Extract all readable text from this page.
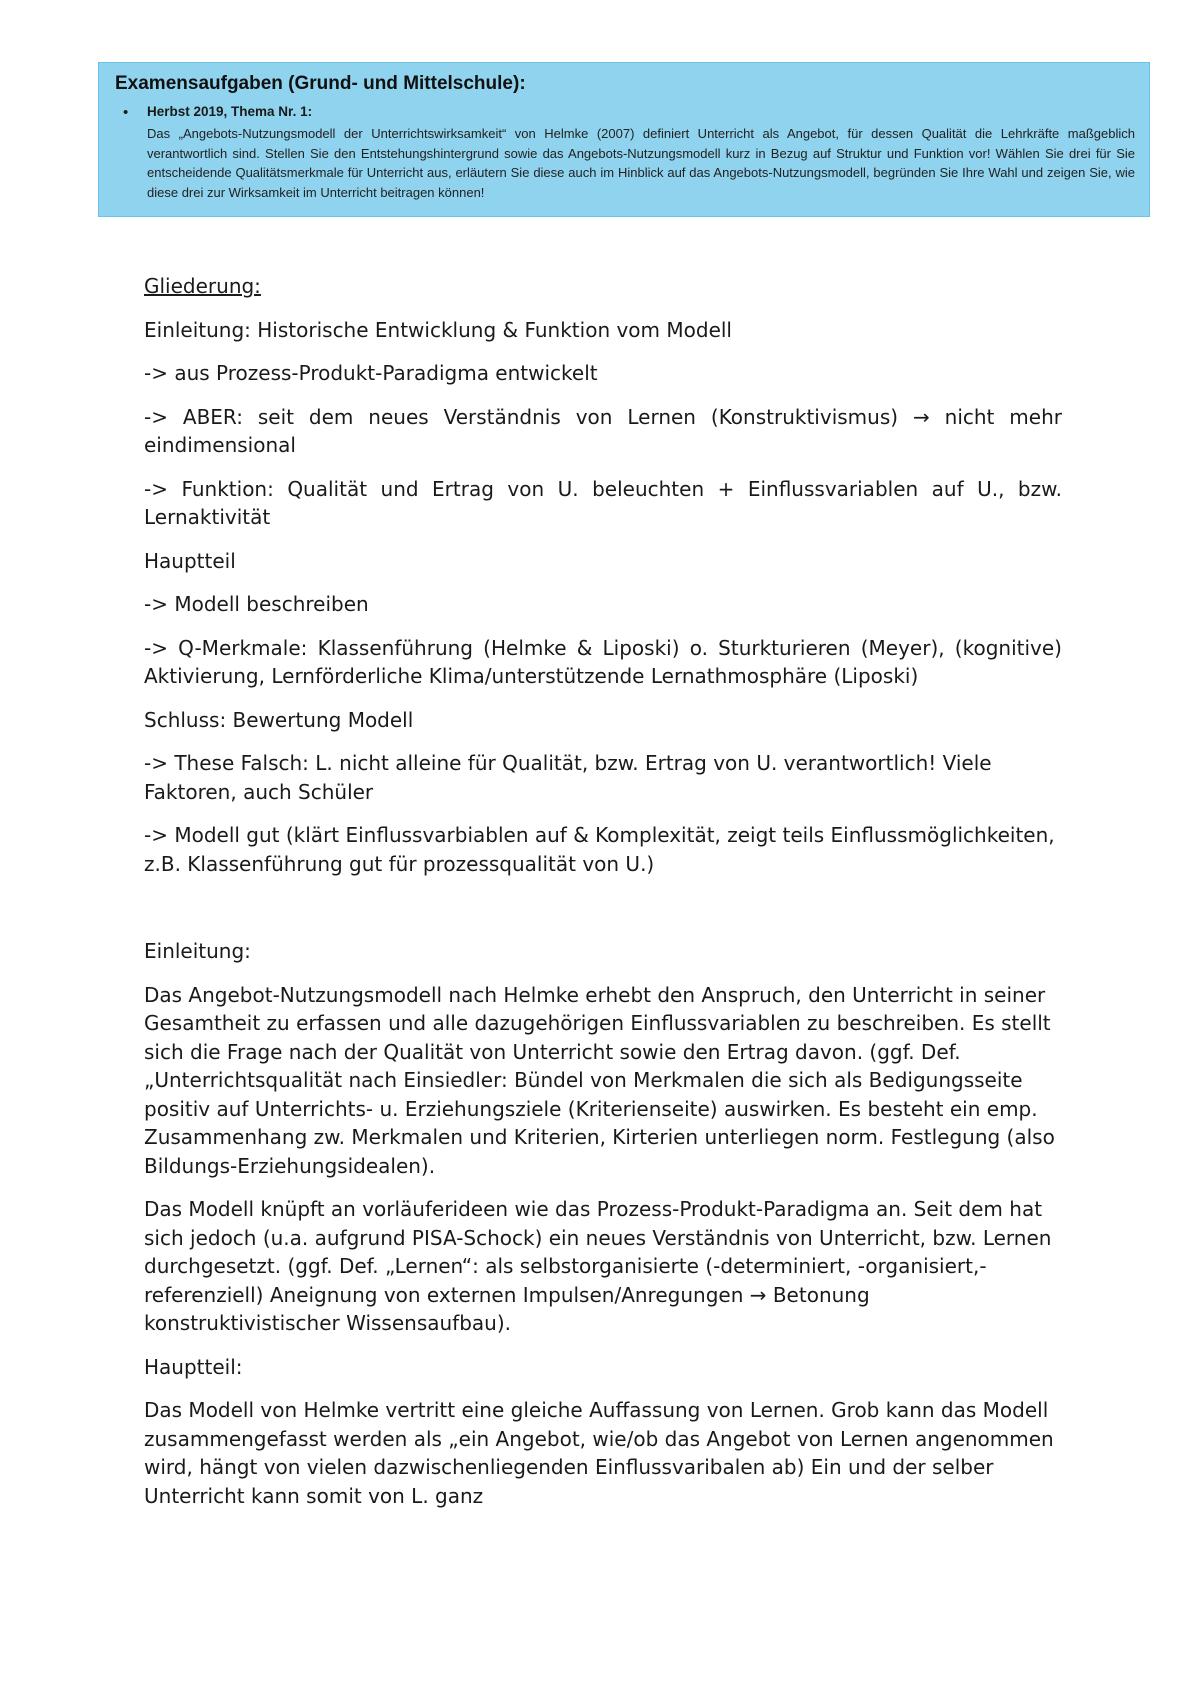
Examensaufgaben (Grund- und Mittelschule):
•	Herbst 2019, Thema Nr. 1:
Das „Angebots-Nutzungsmodell der Unterrichtswirksamkeit“ von Helmke (2007) definiert Unterricht als Angebot, für dessen Qualität die Lehrkräfte maßgeblich verantwortlich sind. Stellen Sie den Entstehungshintergrund sowie das Angebots-Nutzungsmodell kurz in Bezug auf Struktur und Funktion vor! Wählen Sie drei für Sie entscheidende Qualitätsmerkmale für Unterricht aus, erläutern Sie diese auch im Hinblick auf das Angebots-Nutzungsmodell, begründen Sie Ihre Wahl und zeigen Sie, wie diese drei zur Wirksamkeit im Unterricht beitragen können!

Gliederung:

Einleitung: Historische Entwicklung & Funktion vom Modell

-> aus Prozess-Produkt-Paradigma entwickelt

-> ABER: seit dem neues Verständnis von Lernen (Konstruktivismus) → nicht mehr eindimensional

-> Funktion: Qualität und Ertrag von U. beleuchten + Einflussvariablen auf U., bzw. Lernaktivität

Hauptteil

-> Modell beschreiben

-> Q-Merkmale: Klassenführung (Helmke & Liposki) o. Sturkturieren (Meyer), (kognitive) Aktivierung, Lernförderliche Klima/unterstützende Lernathmosphäre (Liposki)

Schluss: Bewertung Modell

-> These Falsch: L. nicht alleine für Qualität, bzw. Ertrag von U. verantwortlich! Viele Faktoren, auch Schüler

-> Modell gut (klärt Einflussvarbiablen auf & Komplexität, zeigt teils Einflussmöglichkeiten, z.B. Klassenführung gut für prozessqualität von U.)

Einleitung:

Das Angebot-Nutzungsmodell nach Helmke erhebt den Anspruch, den Unterricht in seiner Gesamtheit zu erfassen und alle dazugehörigen Einflussvariablen zu beschreiben. Es stellt sich die Frage nach der Qualität von Unterricht sowie den Ertrag davon. (ggf. Def. „Unterrichtsqualität nach Einsiedler: Bündel von Merkmalen die sich als Bedigungsseite positiv auf Unterrichts- u. Erziehungsziele (Kriterienseite) auswirken. Es besteht ein emp. Zusammenhang zw. Merkmalen und Kriterien, Kirterien unterliegen norm. Festlegung (also Bildungs-Erziehungsidealen).

Das Modell knüpft an vorläuferideen wie das Prozess-Produkt-Paradigma an. Seit dem hat sich jedoch (u.a. aufgrund PISA-Schock) ein neues Verständnis von Unterricht, bzw. Lernen durchgesetzt. (ggf. Def. „Lernen“: als selbstorganisierte (-determiniert, -organisiert,-referenziell) Aneignung von externen Impulsen/Anregungen → Betonung konstruktivistischer Wissensaufbau).

Hauptteil:

Das Modell von Helmke vertritt eine gleiche Auffassung von Lernen. Grob kann das Modell zusammengefasst werden als „ein Angebot, wie/ob das Angebot von Lernen angenommen wird, hängt von vielen dazwischenliegenden Einflussvaribalen ab) Ein und der selber Unterricht kann somit von L. ganz
